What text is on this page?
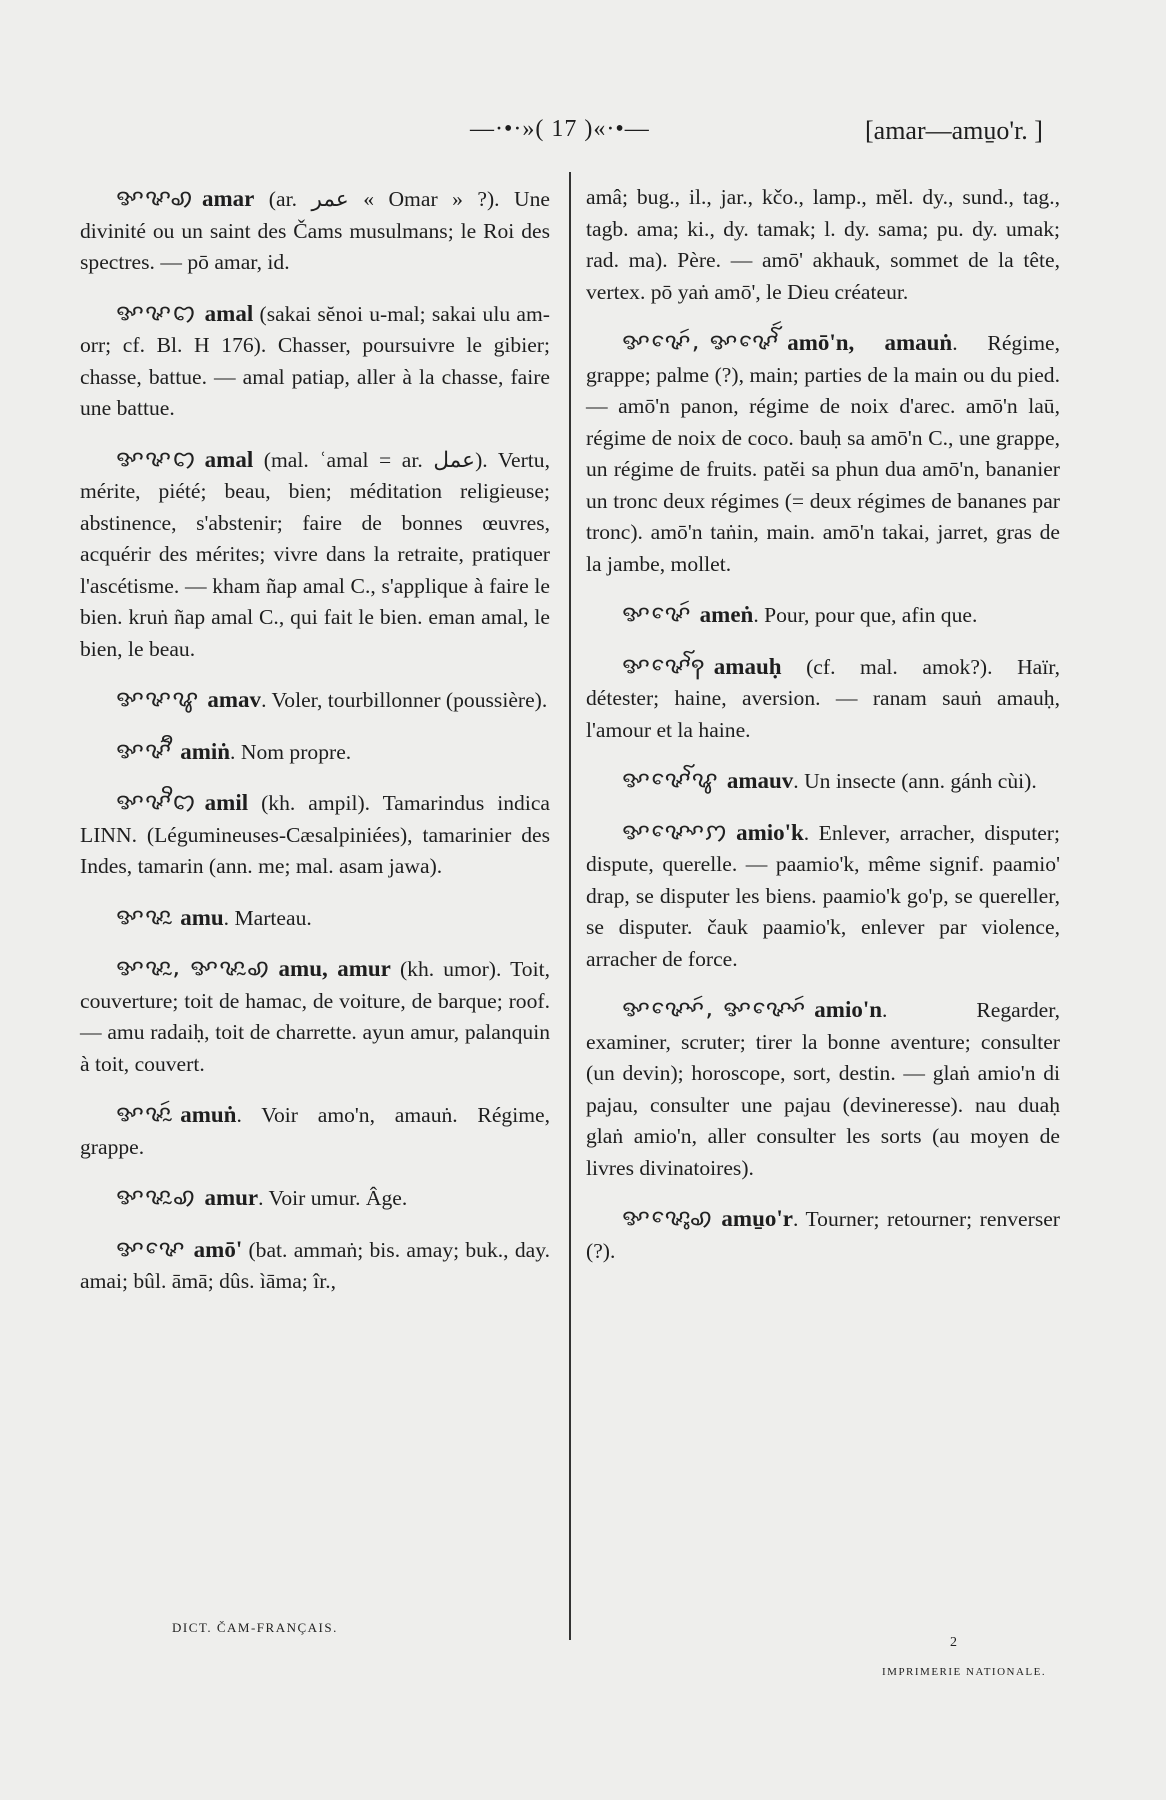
—·•·»( 17 )«·•—	[amar—amu̱o'r. ]

ꨀꨟꩉ amar (ar. عمر « Omar » ?). Une divinité ou un saint des Čams musulmans; le Roi des spectres. — pō amar, id.

ꨀꨟꩊ amal (sakai sĕnoi u-mal; sakai ulu am-orr; cf. Bl. H 176). Chasser, poursuivre le gibier; chasse, battue. — amal patiap, aller à la chasse, faire une battue.

ꨀꨟꩊ amal (mal. ʿamal = ar. عمل). Vertu, mérite, piété; beau, bien; méditation religieuse; abstinence, s'abstenir; faire de bonnes œuvres, acquérir des mérites; vivre dans la retraite, pratiquer l'ascétisme. — kham ñap amal C., s'applique à faire le bien. kruṅ ñap amal C., qui fait le bien. eman amal, le bien, le beau.

ꨀꨟꨥ amav. Voler, tourbillonner (poussière).

ꨀꨟꨪꩃ amiṅ. Nom propre.

ꨀꨟꨪꩊ amil (kh. ampil). Tamarindus indica LINN. (Légumineuses-Cæsalpiniées), tamarinier des Indes, tamarin (ann. me; mal. asam jawa).

ꨀꨟꨭ amu. Marteau.

ꨀꨟꨭ, ꨀꨟꨭꩉ amu, amur (kh. umor). Toit, couverture; toit de hamac, de voiture, de barque; roof. — amu radaiḥ, toit de charrette. ayun amur, palanquin à toit, couvert.

ꨀꨟꨭꩃ amuṅ. Voir amo'n, amauṅ. Régime, grappe.

ꨀꨟꨭꩉ amur. Voir umur. Âge.

ꨀꨟꨯ amō' (bat. ammaṅ; bis. amay; buk., day. amai; bûl. āmā; dûs. ìāma; îr.,

amâ; bug., il., jar., kčo., lamp., mĕl. dy., sund., tag., tagb. ama; ki., dy. tamak; l. dy. sama; pu. dy. umak; rad. ma). Père. — amō' akhauk, sommet de la tête, vertex. pō yaṅ amō', le Dieu créateur.

ꨀꨟꨯꩃ, ꨀꨟꨯꨱꩃ amō'n, amauṅ. Régime, grappe; palme (?), main; parties de la main ou du pied. — amō'n panon, régime de noix d'arec. amō'n laū, régime de noix de coco. bauḥ sa amō'n C., une grappe, un régime de fruits. patĕi sa phun dua amō'n, bananier un tronc deux régimes (= deux régimes de bananes par tronc). amō'n taṅin, main. amō'n takai, jarret, gras de la jambe, mollet.

ꨀꨟꨯꩃ ameṅ. Pour, pour que, afin que.

ꨀꨟꨯꨱꩍ amauḥ (cf. mal. amok?). Haïr, détester; haine, aversion. — ranam sauṅ amauḥ, l'amour et la haine.

ꨀꨟꨯꨱꨥ amauv. Un insecte (ann. gánh cùi).

ꨀꨟꨳꨯꩀ amio'k. Enlever, arracher, disputer; dispute, querelle. — paamio'k, même signif. paamio' drap, se disputer les biens. paamio'k go'p, se quereller, se disputer. čauk paamio'k, enlever par violence, arracher de force.

ꨀꨟꨳꨯꩃ, ꨀꨟꨳꨯꩃ amio'n. Regarder, examiner, scruter; tirer la bonne aventure; consulter (un devin); horoscope, sort, destin. — glaṅ amio'n di pajau, consulter une pajau (devineresse). nau duaḥ glaṅ amio'n, aller consulter les sorts (au moyen de livres divinatoires).

ꨀꨟꨶꨯꩉ amu̱o'r. Tourner; retourner; renverser (?).

DICT. ČAM-FRANÇAIS.
2
IMPRIMERIE NATIONALE.
